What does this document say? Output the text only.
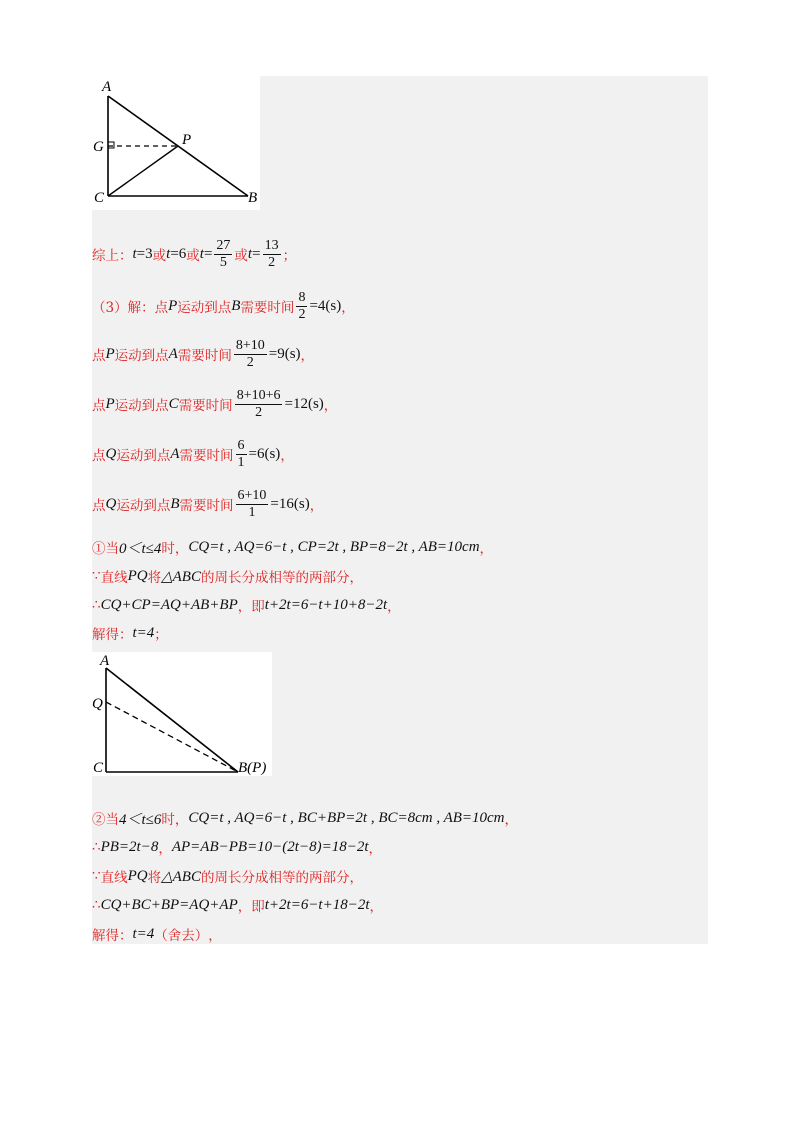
A
G	P
C	B
综上： t =3 或 t =6 或 $t = \frac{27}{5}$ 或 $t = \frac{13}{2}$ ；
（3）解：点 P 运动到点 B 需要时间 $\frac{8}{2} =4(s)$ ，
点 P 运动到点 A 需要时间 $\frac{8+10}{2} =9(s)$ ，
点 P 运动到点 C 需要时间 $\frac{8+10+6}{2} =12(s)$ ，
点 Q 运动到点 A 需要时间 $\frac{6}{1} =6(s)$ ，
点 Q 运动到点 B 需要时间 $\frac{6+10}{1} =16(s)$ ，
①当 0＜t≤4 时， CQ=t , AQ=6−t , CP=2t , BP=8−2t , AB=10cm ，
∵ 直线 PQ 将 △ABC 的周长分成相等的两部分，
∴ CQ+CP=AQ+AB+BP ，即 t+2t=6−t+10+8−2t ，
解得： t=4 ；
A
Q
C	B(P)
②当 4＜t≤6 时， CQ=t , AQ=6−t , BC+BP=2t , BC=8cm , AB=10cm ，
∴ PB=2t−8 ， AP=AB−PB=10−(2t−8)=18−2t ，
∵ 直线 PQ 将 △ABC 的周长分成相等的两部分，
∴ CQ+BC+BP=AQ+AP ，即 t+2t=6−t+18−2t ，
解得： t=4 （舍去） ，
